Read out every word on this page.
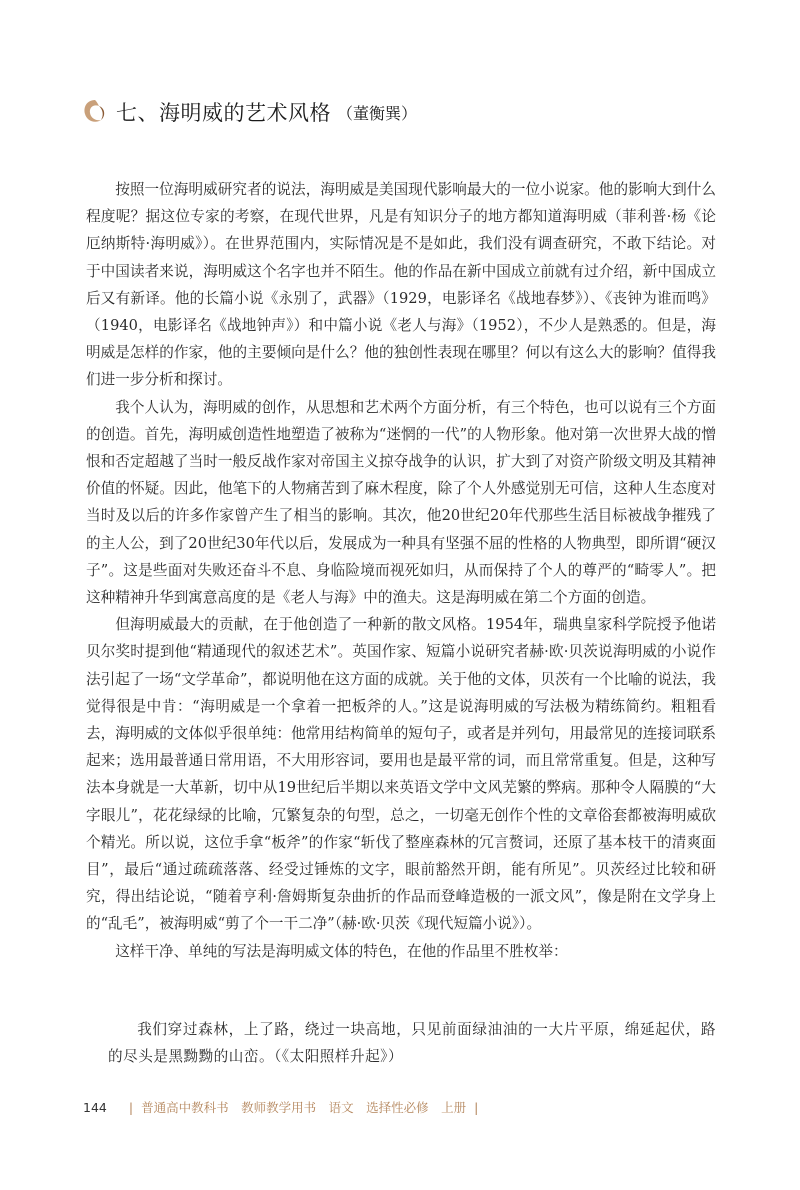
七、海明威的艺术风格 （董衡巽）

按照一位海明威研究者的说法，海明威是美国现代影响最大的一位小说家。他的影响大到什么程度呢？据这位专家的考察，在现代世界，凡是有知识分子的地方都知道海明威（菲利普·杨《论厄纳斯特·海明威》）。在世界范围内，实际情况是不是如此，我们没有调查研究，不敢下结论。对于中国读者来说，海明威这个名字也并不陌生。他的作品在新中国成立前就有过介绍，新中国成立后又有新译。他的长篇小说《永别了，武器》（1929，电影译名《战地春梦》）、《丧钟为谁而鸣》（1940，电影译名《战地钟声》）和中篇小说《老人与海》（1952），不少人是熟悉的。但是，海明威是怎样的作家，他的主要倾向是什么？他的独创性表现在哪里？何以有这么大的影响？值得我们进一步分析和探讨。

我个人认为，海明威的创作，从思想和艺术两个方面分析，有三个特色，也可以说有三个方面的创造。首先，海明威创造性地塑造了被称为“迷惘的一代”的人物形象。他对第一次世界大战的憎恨和否定超越了当时一般反战作家对帝国主义掠夺战争的认识，扩大到了对资产阶级文明及其精神价值的怀疑。因此，他笔下的人物痛苦到了麻木程度，除了个人外感觉别无可信，这种人生态度对当时及以后的许多作家曾产生了相当的影响。其次，他20世纪20年代那些生活目标被战争摧残了的主人公，到了20世纪30年代以后，发展成为一种具有坚强不屈的性格的人物典型，即所谓“硬汉子”。这是些面对失败还奋斗不息、身临险境而视死如归，从而保持了个人的尊严的“畸零人”。把这种精神升华到寓意高度的是《老人与海》中的渔夫。这是海明威在第二个方面的创造。

但海明威最大的贡献，在于他创造了一种新的散文风格。1954年，瑞典皇家科学院授予他诺贝尔奖时提到他“精通现代的叙述艺术”。英国作家、短篇小说研究者赫·欧·贝茨说海明威的小说作法引起了一场“文学革命”，都说明他在这方面的成就。关于他的文体，贝茨有一个比喻的说法，我觉得很是中肯：“海明威是一个拿着一把板斧的人。”这是说海明威的写法极为精练简约。粗粗看去，海明威的文体似乎很单纯：他常用结构简单的短句子，或者是并列句，用最常见的连接词联系起来；选用最普通日常用语，不大用形容词，要用也是最平常的词，而且常常重复。但是，这种写法本身就是一大革新，切中从19世纪后半期以来英语文学中文风芜繁的弊病。那种令人隔膜的“大字眼儿”，花花绿绿的比喻，冗繁复杂的句型，总之，一切毫无创作个性的文章俗套都被海明威砍个精光。所以说，这位手拿“板斧”的作家“斩伐了整座森林的冗言赘词，还原了基本枝干的清爽面目”，最后“通过疏疏落落、经受过锤炼的文字，眼前豁然开朗，能有所见”。贝茨经过比较和研究，得出结论说，“随着亨利·詹姆斯复杂曲折的作品而登峰造极的一派文风”，像是附在文学身上的“乱毛”，被海明威“剪了个一干二净”（赫·欧·贝茨《现代短篇小说》）。

这样干净、单纯的写法是海明威文体的特色，在他的作品里不胜枚举：

我们穿过森林，上了路，绕过一块高地，只见前面绿油油的一大片平原，绵延起伏，路的尽头是黑黝黝的山峦。（《太阳照样升起》）
144 | 普通高中教科书　教师教学用书　语文　选择性必修　上册 |
